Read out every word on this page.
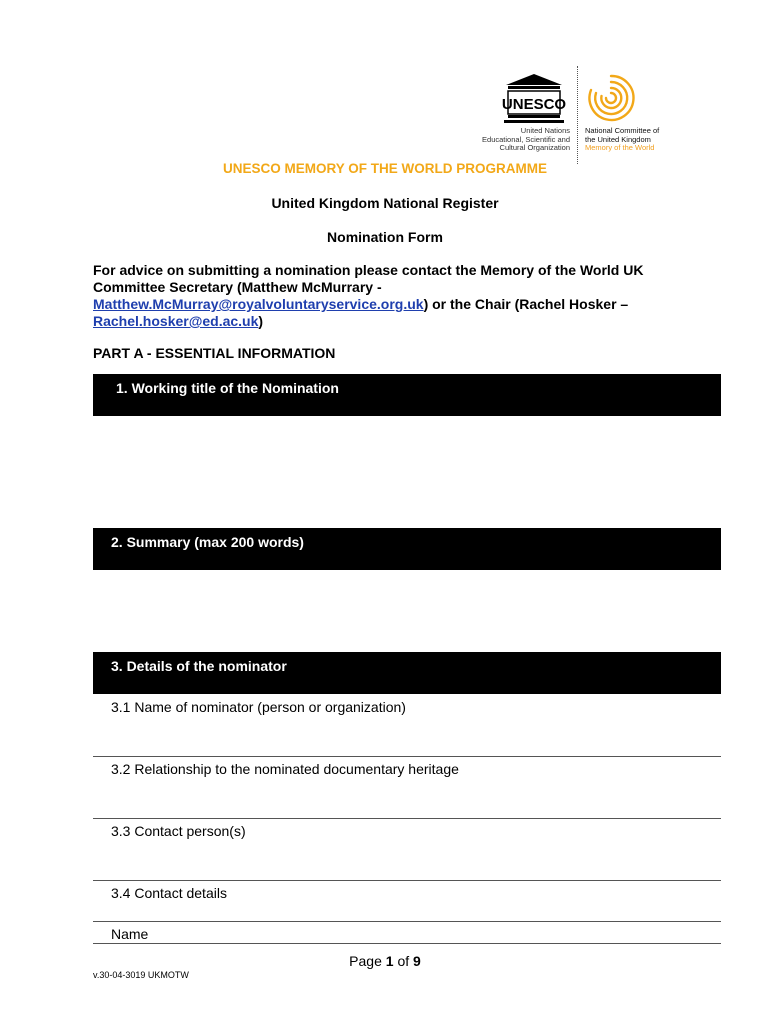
UNESCO
United Nations
Educational, Scientific and
Cultural Organization
National Committee of
the United Kingdom
Memory of the World
UNESCO MEMORY OF THE WORLD PROGRAMME
United Kingdom National Register
Nomination Form
For advice on submitting a nomination please contact the Memory of the World UK Committee Secretary (Matthew McMurrary - Matthew.McMurray@royalvoluntaryservice.org.uk) or the Chair (Rachel Hosker – Rachel.hosker@ed.ac.uk)
PART A - ESSENTIAL INFORMATION
1. Working title of the Nomination
2. Summary (max 200 words)
3. Details of the nominator
3.1 Name of nominator (person or organization)
3.2 Relationship to the nominated documentary heritage
3.3 Contact person(s)
3.4 Contact details
Name
Page 1 of 9
v.30-04-3019 UKMOTW
